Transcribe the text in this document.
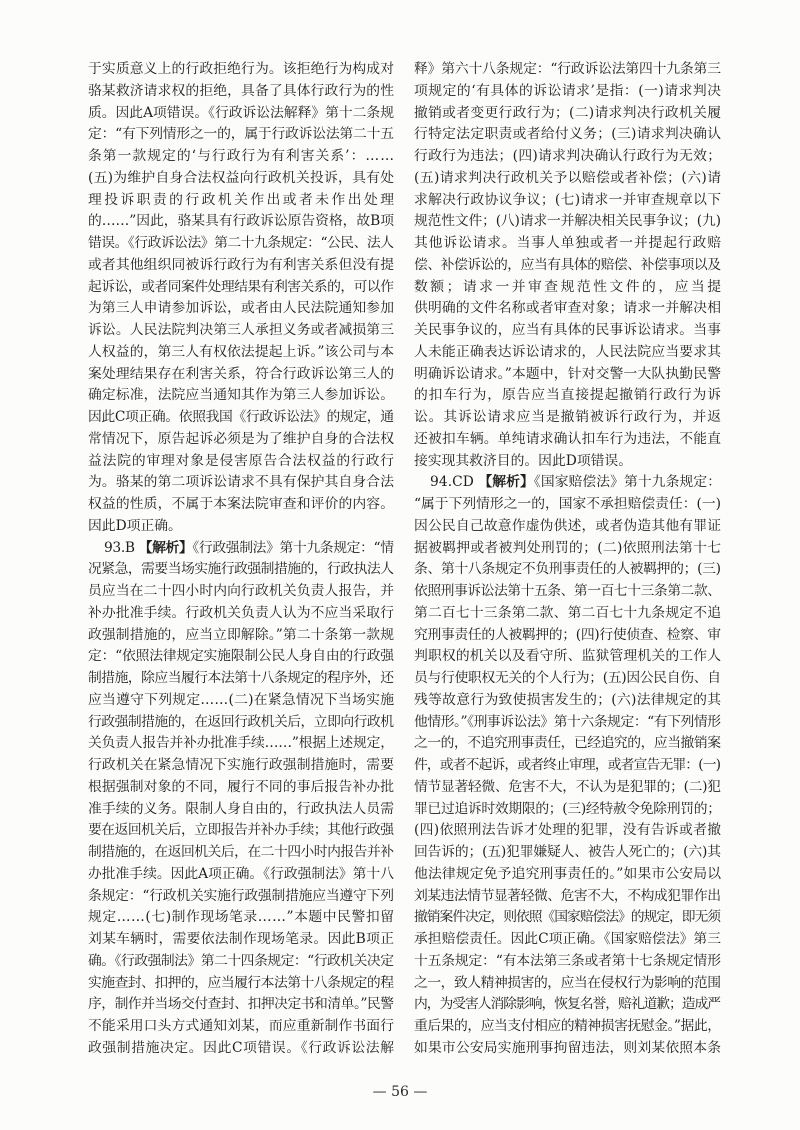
于实质意义上的行政拒绝行为。该拒绝行为构成对
骆某救济请求权的拒绝，具备了具体行政行为的性
质。因此A项错误。《行政诉讼法解释》第十二条规
定：“有下列情形之一的，属于行政诉讼法第二十五
条第一款规定的‘与行政行为有利害关系’：……
(五)为维护自身合法权益向行政机关投诉，具有处
理投诉职责的行政机关作出或者未作出处理
的……”因此，骆某具有行政诉讼原告资格，故B项
错误。《行政诉讼法》第二十九条规定：“公民、法人
或者其他组织同被诉行政行为有利害关系但没有提
起诉讼，或者同案件处理结果有利害关系的，可以作
为第三人申请参加诉讼，或者由人民法院通知参加
诉讼。人民法院判决第三人承担义务或者减损第三
人权益的，第三人有权依法提起上诉。”该公司与本
案处理结果存在利害关系，符合行政诉讼第三人的
确定标准，法院应当通知其作为第三人参加诉讼。
因此C项正确。依照我国《行政诉讼法》的规定，通
常情况下，原告起诉必须是为了维护自身的合法权
益法院的审理对象是侵害原告合法权益的行政行
为。骆某的第二项诉讼请求不具有保护其自身合法
权益的性质，不属于本案法院审查和评价的内容。
因此D项正确。
93.B 【解析】《行政强制法》第十九条规定：“情
况紧急，需要当场实施行政强制措施的，行政执法人
员应当在二十四小时内向行政机关负责人报告，并
补办批准手续。行政机关负责人认为不应当采取行
政强制措施的，应当立即解除。”第二十条第一款规
定：“依照法律规定实施限制公民人身自由的行政强
制措施，除应当履行本法第十八条规定的程序外，还
应当遵守下列规定……(二)在紧急情况下当场实施
行政强制措施的，在返回行政机关后，立即向行政机
关负责人报告并补办批准手续……”根据上述规定，
行政机关在紧急情况下实施行政强制措施时，需要
根据强制对象的不同，履行不同的事后报告补办批
准手续的义务。限制人身自由的，行政执法人员需
要在返回机关后，立即报告并补办手续；其他行政强
制措施的，在返回机关后，在二十四小时内报告并补
办批准手续。因此A项正确。《行政强制法》第十八
条规定：“行政机关实施行政强制措施应当遵守下列
规定……(七)制作现场笔录……”本题中民警扣留
刘某车辆时，需要依法制作现场笔录。因此B项正
确。《行政强制法》第二十四条规定：“行政机关决定
实施查封、扣押的，应当履行本法第十八条规定的程
序，制作并当场交付查封、扣押决定书和清单。”民警
不能采用口头方式通知刘某，而应重新制作书面行
政强制措施决定。因此C项错误。《行政诉讼法解
释》第六十八条规定：“行政诉讼法第四十九条第三
项规定的‘有具体的诉讼请求’是指：(一)请求判决
撤销或者变更行政行为；(二)请求判决行政机关履
行特定法定职责或者给付义务；(三)请求判决确认
行政行为违法；(四)请求判决确认行政行为无效；
(五)请求判决行政机关予以赔偿或者补偿；(六)请
求解决行政协议争议；(七)请求一并审查规章以下
规范性文件；(八)请求一并解决相关民事争议；(九)
其他诉讼请求。当事人单独或者一并提起行政赔
偿、补偿诉讼的，应当有具体的赔偿、补偿事项以及
数额；请求一并审查规范性文件的，应当提
供明确的文件名称或者审查对象；请求一并解决相
关民事争议的，应当有具体的民事诉讼请求。当事
人未能正确表达诉讼请求的，人民法院应当要求其
明确诉讼请求。”本题中，针对交警一大队执勤民警
的扣车行为，原告应当直接提起撤销行政行为诉
讼。其诉讼请求应当是撤销被诉行政行为，并返
还被扣车辆。单纯请求确认扣车行为违法，不能直
接实现其救济目的。因此D项错误。
94.CD 【解析】《国家赔偿法》第十九条规定：
“属于下列情形之一的，国家不承担赔偿责任：(一)
因公民自己故意作虚伪供述，或者伪造其他有罪证
据被羁押或者被判处刑罚的；(二)依照刑法第十七
条、第十八条规定不负刑事责任的人被羁押的；(三)
依照刑事诉讼法第十五条、第一百七十三条第二款、
第二百七十三条第二款、第二百七十九条规定不追
究刑事责任的人被羁押的；(四)行使侦查、检察、审
判职权的机关以及看守所、监狱管理机关的工作人
员与行使职权无关的个人行为；(五)因公民自伤、自
残等故意行为致使损害发生的；(六)法律规定的其
他情形。”《刑事诉讼法》第十六条规定：“有下列情形
之一的，不追究刑事责任，已经追究的，应当撤销案
件，或者不起诉，或者终止审理，或者宣告无罪：(一)
情节显著轻微、危害不大，不认为是犯罪的；(二)犯
罪已过追诉时效期限的；(三)经特赦令免除刑罚的；
(四)依照刑法告诉才处理的犯罪，没有告诉或者撤
回告诉的；(五)犯罪嫌疑人、被告人死亡的；(六)其
他法律规定免予追究刑事责任的。”如果市公安局以
刘某违法情节显著轻微、危害不大，不构成犯罪作出
撤销案件决定，则依照《国家赔偿法》的规定，即无须
承担赔偿责任。因此C项正确。《国家赔偿法》第三
十五条规定：“有本法第三条或者第十七条规定情形
之一，致人精神损害的，应当在侵权行为影响的范围
内，为受害人消除影响，恢复名誉，赔礼道歉；造成严
重后果的，应当支付相应的精神损害抚慰金。”据此，
如果市公安局实施刑事拘留违法，则刘某依照本条
— 56 —
